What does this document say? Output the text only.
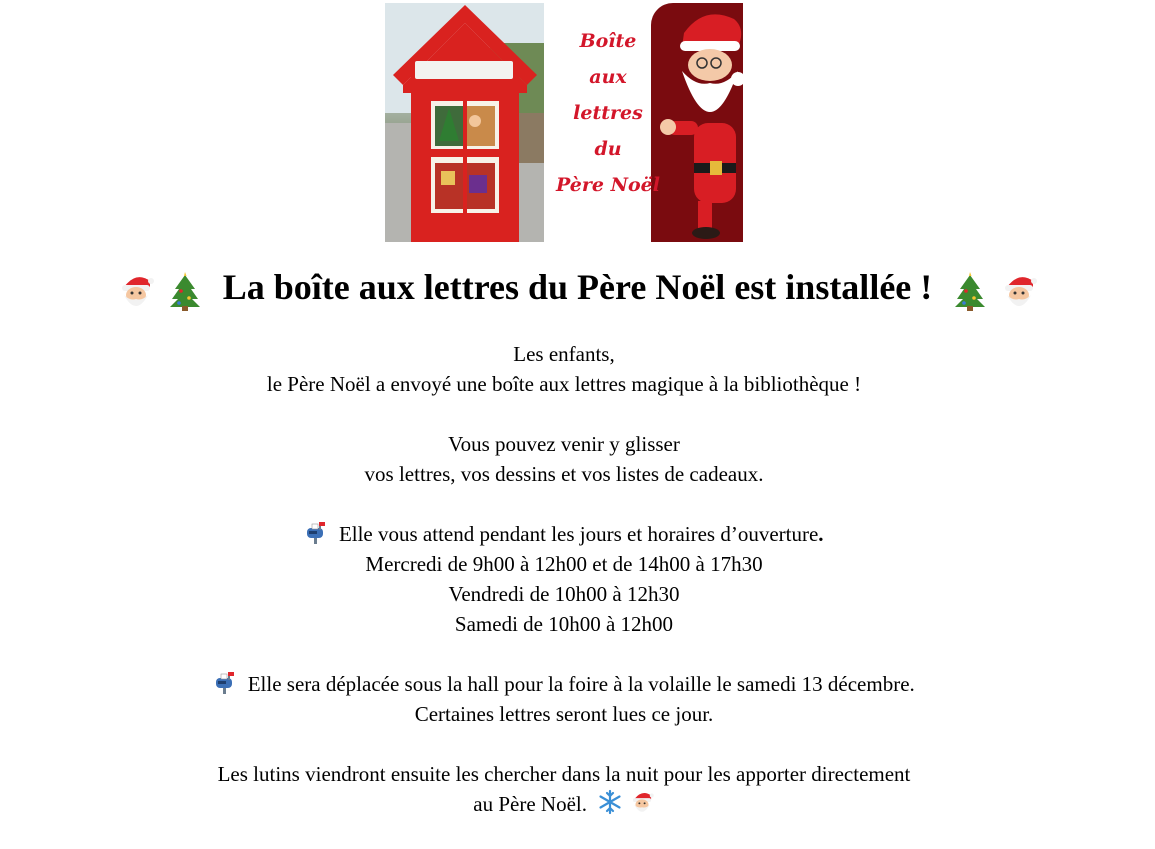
Boîte
aux
lettres
du
Père Noël
La boîte aux lettres du Père Noël est installée !

Les enfants,

le Père Noël a envoyé une boîte aux lettres magique à la bibliothèque !

Vous pouvez venir y glisser

vos lettres, vos dessins et vos listes de cadeaux.

Elle vous attend pendant les jours et horaires d’ouverture.

Mercredi de 9h00 à 12h00 et de 14h00 à 17h30

Vendredi de 10h00 à 12h30

Samedi de 10h00 à 12h00

Elle sera déplacée sous la hall pour la foire à la volaille le samedi 13 décembre.

Certaines lettres seront lues ce jour.

Les lutins viendront ensuite les chercher dans la nuit pour les apporter directement

au Père Noël.
